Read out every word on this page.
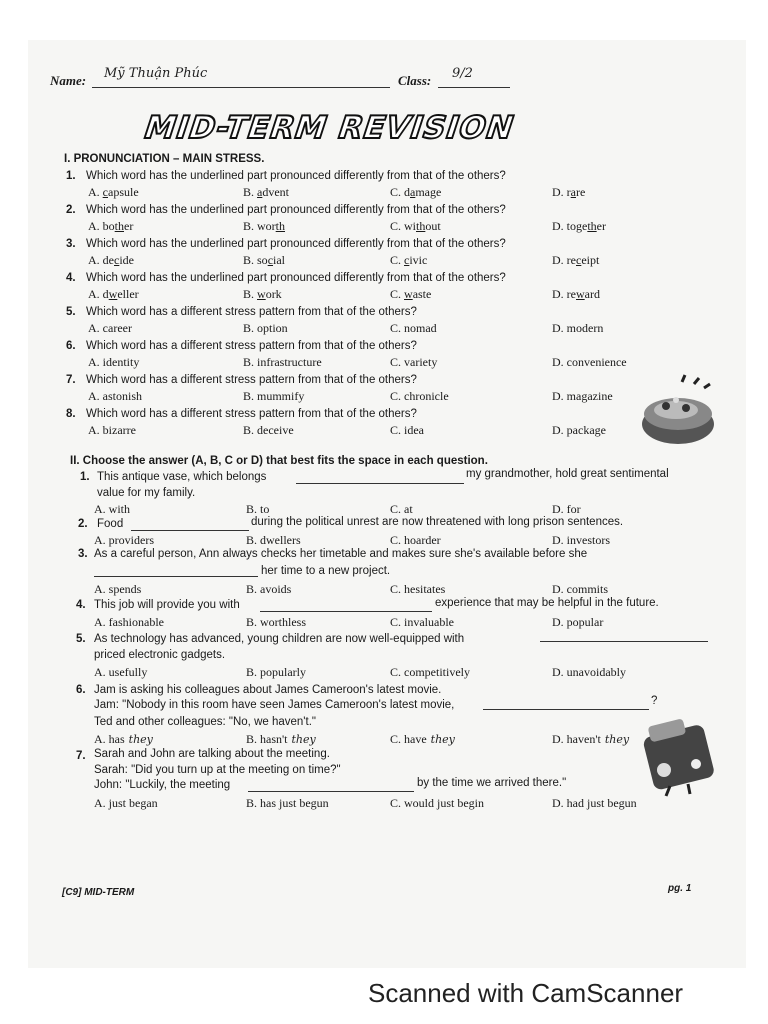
Name: Mỹ Thuận Phúc	Class: 9/2
MID-TERM REVISION
I. PRONUNCIATION – MAIN STRESS.
1. Which word has the underlined part pronounced differently from that of the others?
A. capsule	B. advent	C. damage	D. rare
2. Which word has the underlined part pronounced differently from that of the others?
A. bother	B. worth	C. without	D. together
3. Which word has the underlined part pronounced differently from that of the others?
A. decide	B. social	C. civic	D. receipt
4. Which word has the underlined part pronounced differently from that of the others?
A. dweller	B. work	C. waste	D. reward
5. Which word has a different stress pattern from that of the others?
A. career	B. option	C. nomad	D. modern
6. Which word has a different stress pattern from that of the others?
A. identity	B. infrastructure	C. variety	D. convenience
7. Which word has a different stress pattern from that of the others?
A. astonish	B. mummify	C. chronicle	D. magazine
8. Which word has a different stress pattern from that of the others?
A. bizarre	B. deceive	C. idea	D. package
II. Choose the answer (A, B, C or D) that best fits the space in each question.
1. This antique vase, which belongs	my grandmother, hold great sentimental
value for my family.
A. with	B. to	C. at	D. for
2. Food	during the political unrest are now threatened with long prison sentences.
A. providers	B. dwellers	C. hoarder	D. investors
3. As a careful person, Ann always checks her timetable and makes sure she's available before she
her time to a new project.
A. spends	B. avoids	C. hesitates	D. commits
4. This job will provide you with	experience that may be helpful in the future.
A. fashionable	B. worthless	C. invaluable	D. popular
5. As technology has advanced, young children are now well-equipped with
priced electronic gadgets.
A. usefully	B. popularly	C. competitively	D. unavoidably
6. Jam is asking his colleagues about James Cameroon's latest movie.
Jam: "Nobody in this room have seen James Cameroon's latest movie,	?
Ted and other colleagues: "No, we haven't."
A. has they	B. hasn't they	C. have they	D. haven't they
7. Sarah and John are talking about the meeting.
Sarah: "Did you turn up at the meeting on time?"
John: "Luckily, the meeting	by the time we arrived there."
A. just began	B. has just begun	C. would just begin	D. had just begun
[C9] MID-TERM	pg. 1
Scanned with CamScanner
